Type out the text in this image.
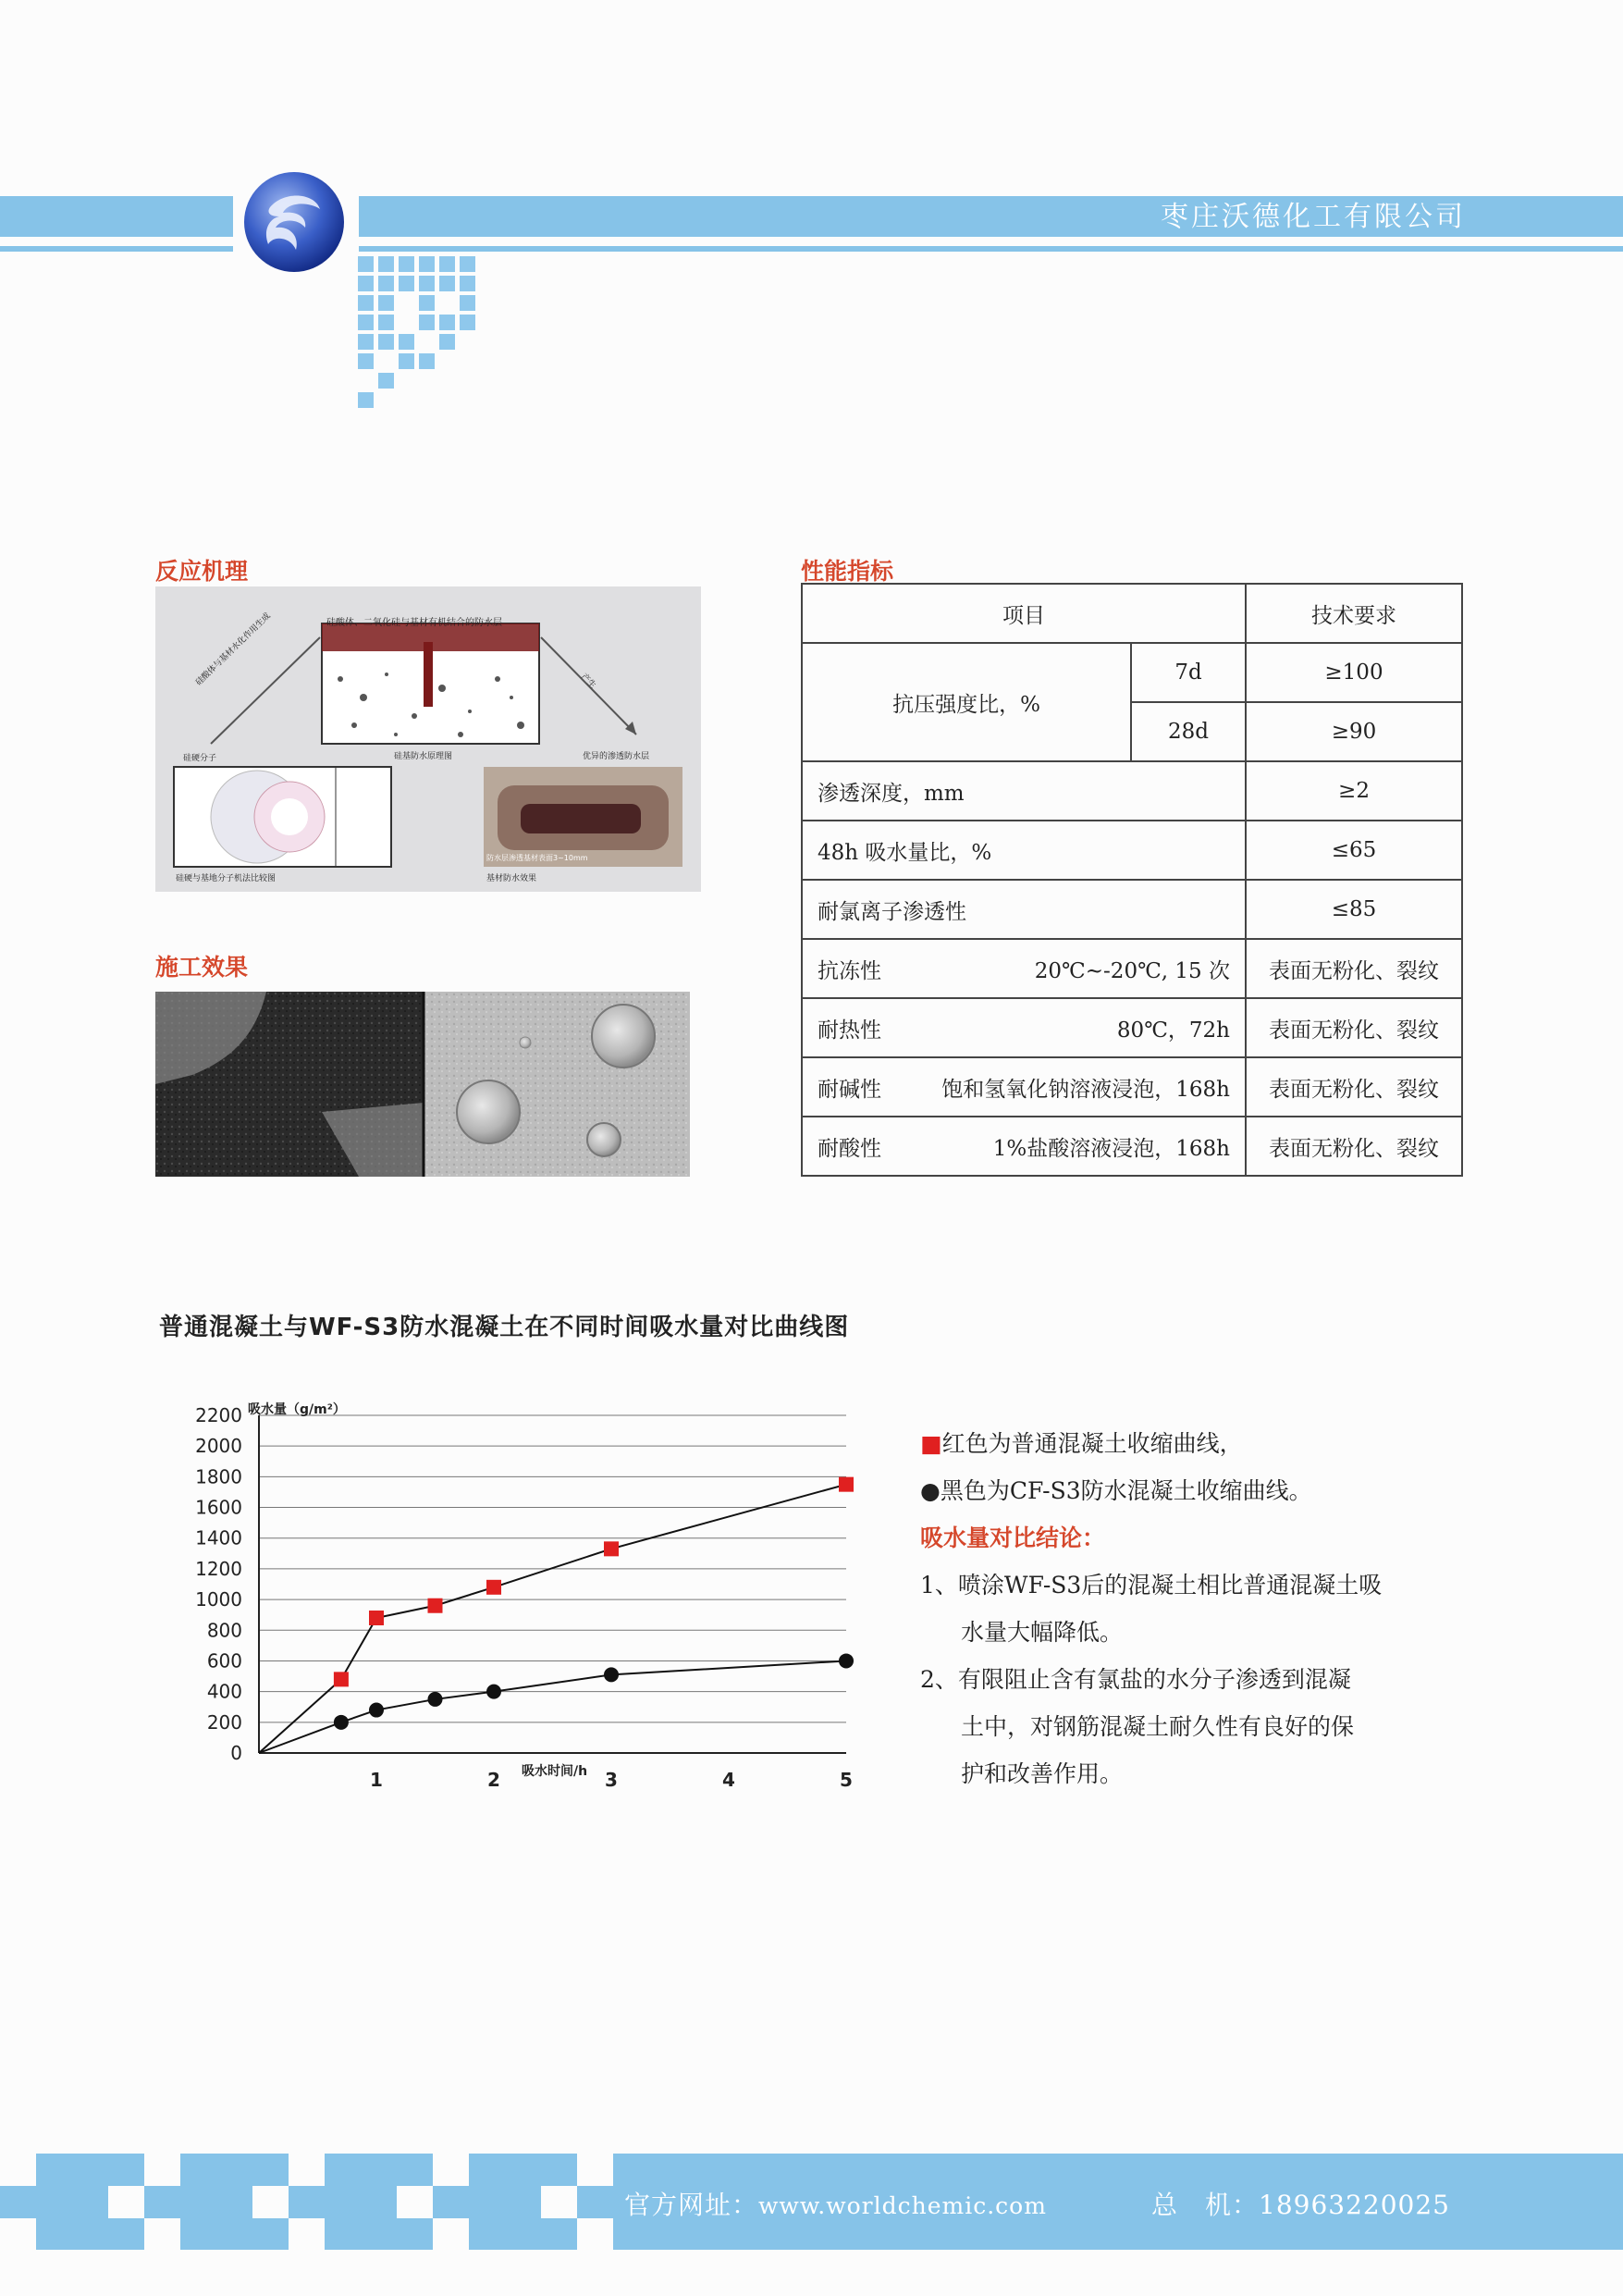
枣庄沃德化工有限公司
反应机理
施工效果
性能指标
硅酸体、二氧化硅与基材有机结合的防水层
硅酸体与基材水化作用生成	产生
硅硬分子	硅基防水原理图	优异的渗透防水层
硅硬与基地分子机法比较图
防水层渗透基材表面3~10mm
基材防水效果
项目		技术要求
抗压强度比，%	7d	≥100
	28d	≥90
渗透深度，mm		≥2
48h 吸水量比，%		≤65
耐氯离子渗透性		≤85

抗冻性 20℃~-20℃, 15 次		表面无粉化、裂纹

耐热性 80℃，72h		表面无粉化、裂纹

耐碱性 饱和氢氧化钠溶液浸泡，168h		表面无粉化、裂纹

耐酸性 1%盐酸溶液浸泡，168h		表面无粉化、裂纹
普通混凝土与WF-S3防水混凝土在不同时间吸水量对比曲线图
0
200
400
600
800
1000
1200
1400
1600
1800
2000
2200
1	2	3	4	5
吸水量（g/m²）
吸水时间/h
■红色为普通混凝土收缩曲线，
●黑色为CF-S3防水混凝土收缩曲线。
吸水量对比结论：
1、喷涂WF-S3后的混凝土相比普通混凝土吸
水量大幅降低。
2、有限阻止含有氯盐的水分子渗透到混凝
土中，对钢筋混凝土耐久性有良好的保
护和改善作用。
官方网址：www.worldchemic.com	总　机：18963220025
